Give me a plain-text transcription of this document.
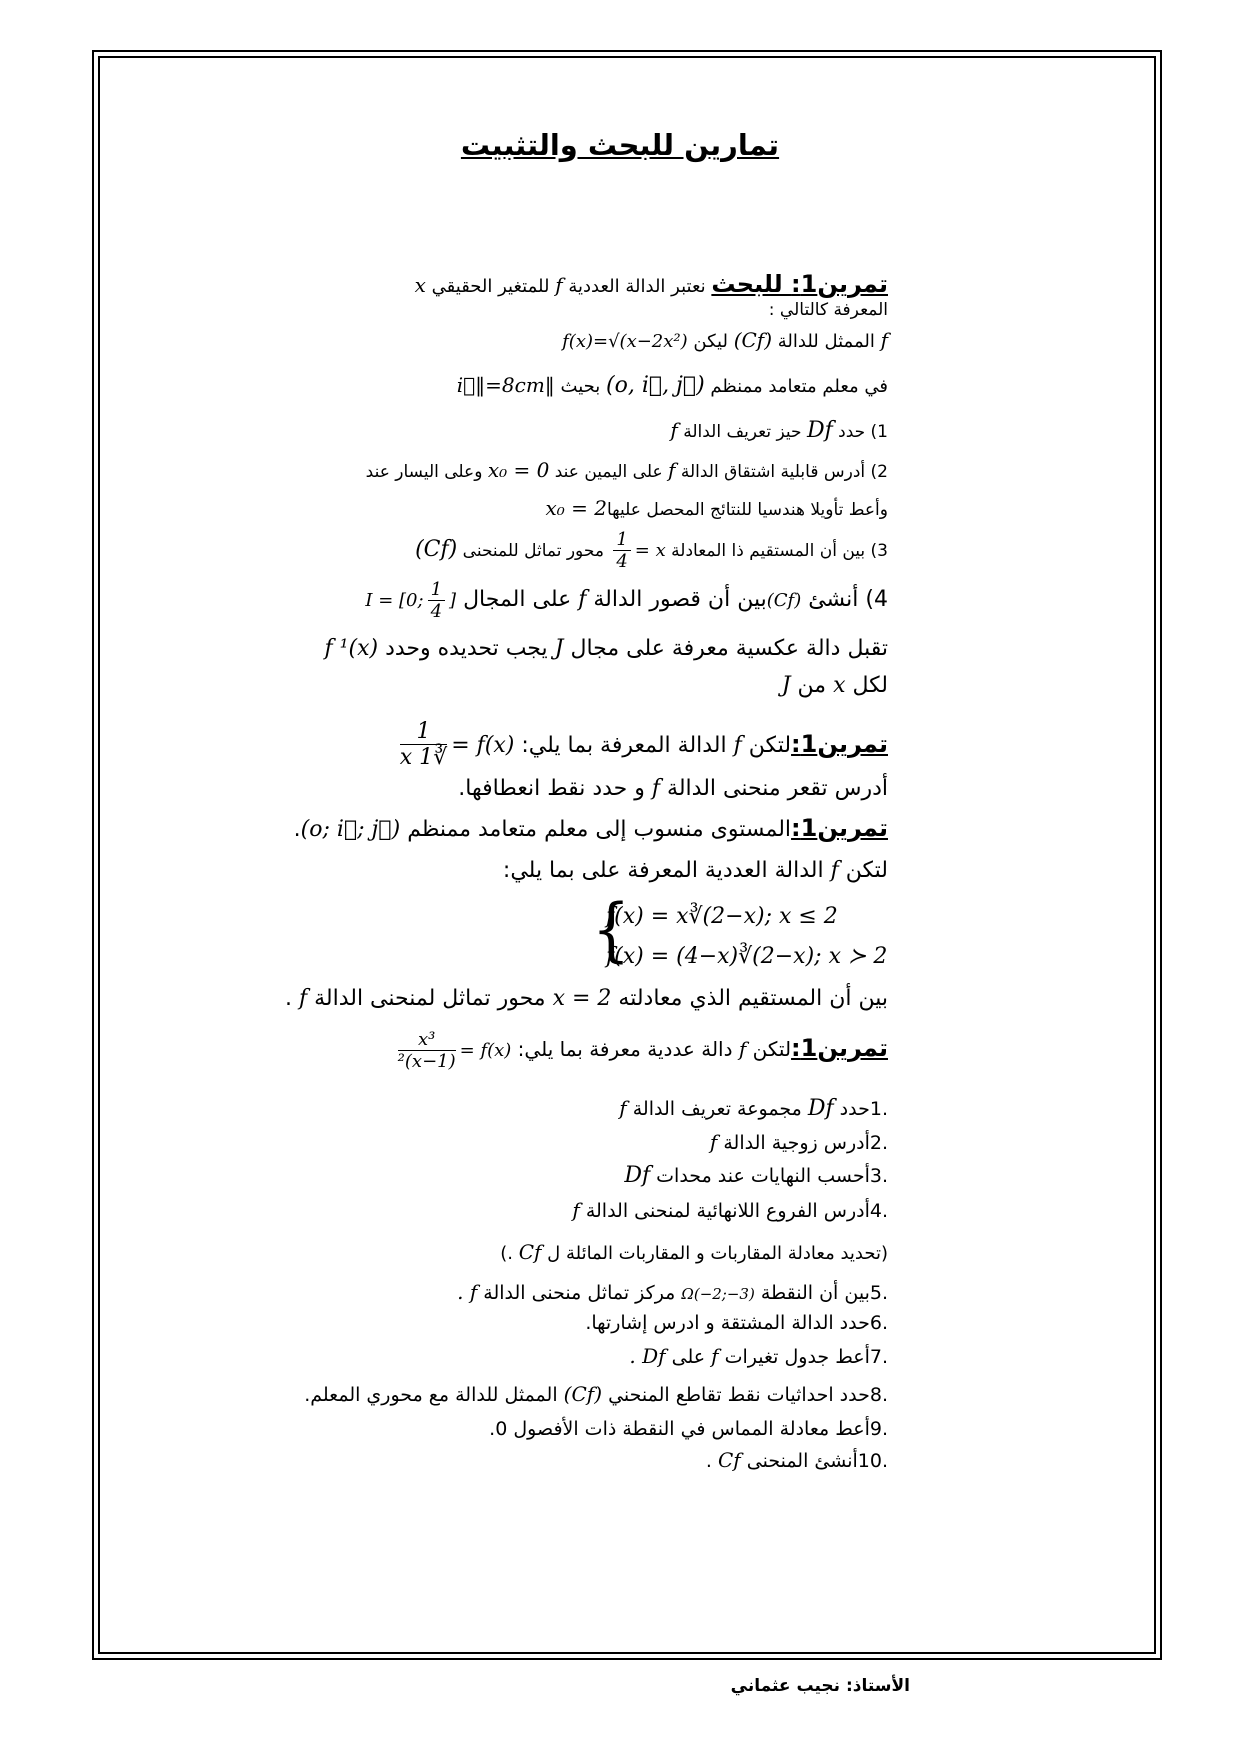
تمارين للبحث والتثبيت
تمرين1: للبحث نعتبر الدالة العددية f للمتغير الحقيقي x
المعرفة كالتالي :
f(x)=√(x−2x²) ليكن (Cf) الممثل للدالة f
في معلم متعامد ممنظم (o, i⃗, j⃗) بحيث ‖i⃗‖=8cm
1) حدد Df حيز تعريف الدالة f
2) أدرس قابلية اشتقاق الدالة f على اليمين عند x₀ = 0 وعلى اليسار عند
x₀ = 2وأعط تأويلا هندسيا للنتائج المحصل عليها
3) بين أن المستقيم ذا المعادلة x =
$\frac{1}{4}$
محور تماثل للمنحنى (Cf)
4) أنشئ (Cf)بين أن قصور الدالة f على المجال I = [0; $\frac{1}{4}$ ]
تقبل دالة عكسية معرفة على مجال J يجب تحديده وحدد f ¹(x)
لكل x من J
تمرين1:لتكن f الدالة المعرفة بما يلي: f(x) =
$\frac{1}{∛x 1}$
أدرس تقعر منحنى الدالة f و حدد نقط انعطافها.
تمرين1:المستوى منسوب إلى معلم متعامد ممنظم (o; i⃗; j⃗).
لتكن f الدالة العددية المعرفة على بما يلي:
{
f(x) = x∛(2−x); x ≤ 2
f(x) = (4−x)∛(2−x); x ≻ 2
بين أن المستقيم الذي معادلته x = 2 محور تماثل لمنحنى الدالة f .
تمرين1:لتكن f دالة عددية معرفة بما يلي: f(x) =
$\frac{\text{x³}}{\text{(x−1)²}}$
.1حدد Df مجموعة تعريف الدالة f
.2أدرس زوجية الدالة f
.3أحسب النهايات عند محدات Df
.4أدرس الفروع اللانهائية لمنحنى الدالة f
(تحديد معادلة المقاربات و المقاربات المائلة ل Cf .)
.5بين أن النقطة Ω(−2;−3) مركز تماثل منحنى الدالة f .
.6حدد الدالة المشتقة و ادرس إشارتها.
.7أعط جدول تغيرات f على Df .
.8حدد احداثيات نقط تقاطع المنحني (Cf) الممثل للدالة مع محوري المعلم.
.9أعط معادلة المماس في النقطة ذات الأفصول 0.
.10أنشئ المنحنى Cf .
الأستاذ: نجيب عثماني
